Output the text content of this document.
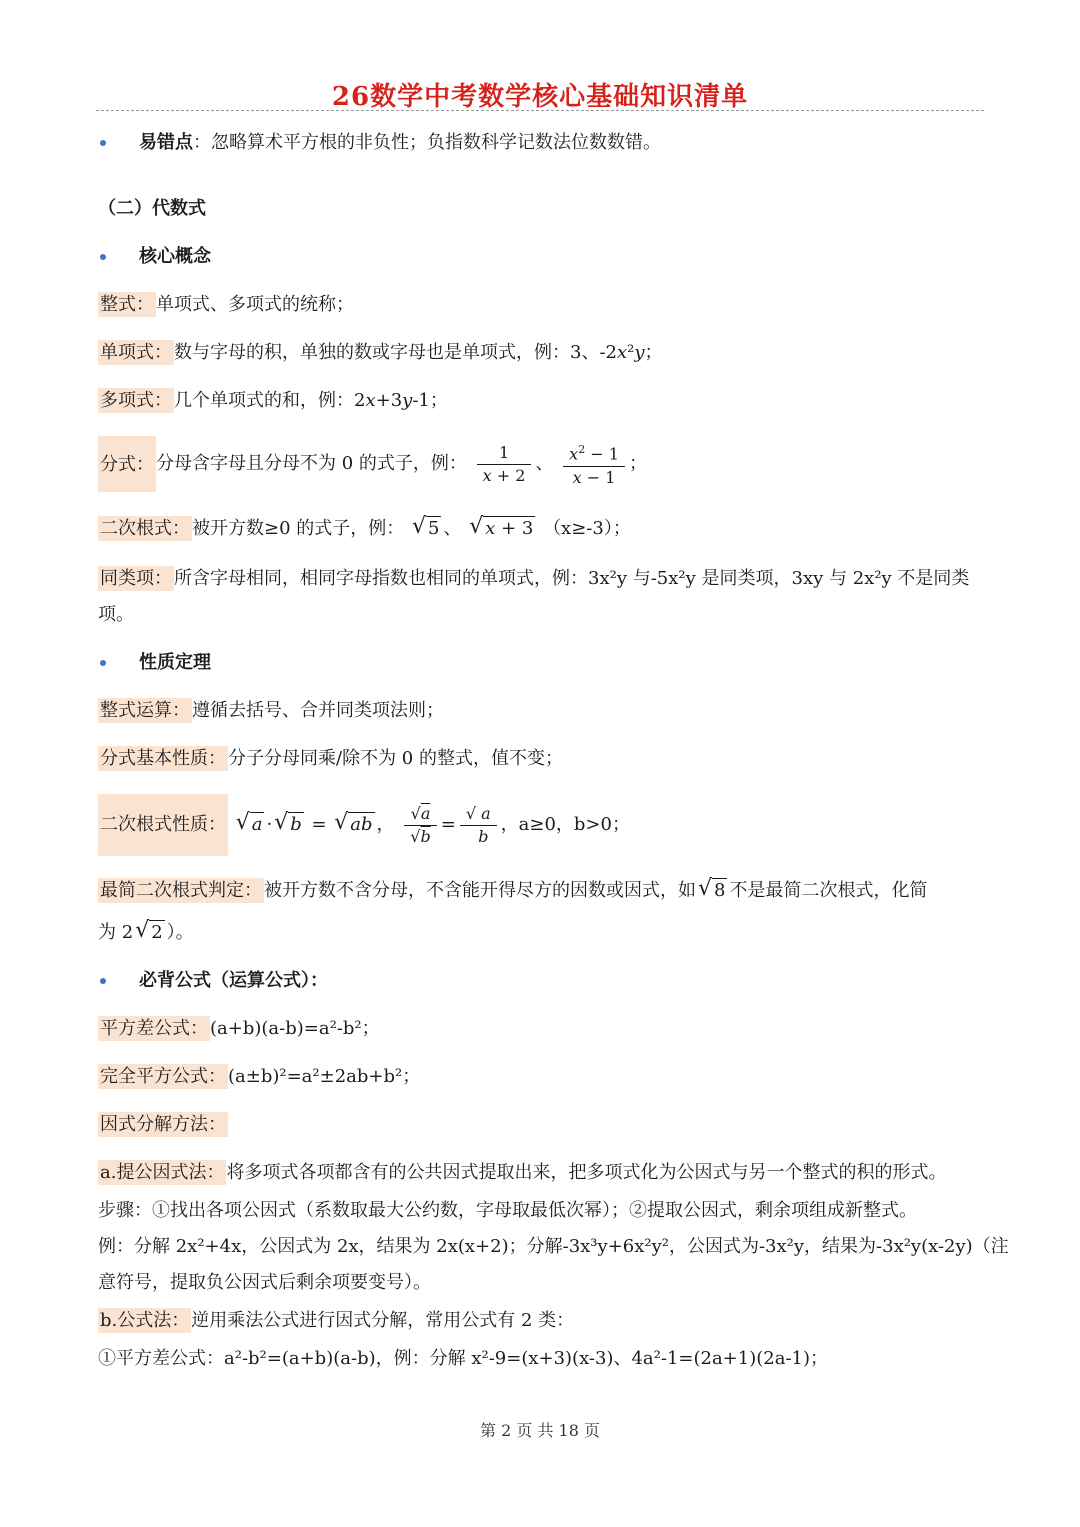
26数学中考数学核心基础知识清单
易错点：忽略算术平方根的非负性；负指数科学记数法位数数错。
（二）代数式
核心概念
整式： 单项式、多项式的统称；
单项式： 数与字母的积，单独的数或字母也是单项式，例：3、-2x²y；
多项式： 几个单项式的和，例：2x+3y-1；
分式： 分母含字母且分母不为 0 的式子，例： $\frac{1}{x + 2}$ 、 $\frac{x^2 - 1}{x - 1}$ ；
二次根式： 被开方数≥0 的式子，例： √ 5 、 √ x + 3 （x≥-3）；
同类项： 所含字母相同，相同字母指数也相同的单项式，例：3x²y 与-5x²y 是同类项，3xy 与 2x²y 不是同类
项。
性质定理
整式运算： 遵循去括号、合并同类项法则；
分式基本性质： 分子分母同乘/除不为 0 的整式，值不变；
二次根式性质： √ a · √ b = √ ab ， $\frac{√a}{√b} = \frac{√ a}{b}$ ，a≥0，b>0；
最简二次根式判定： 被开方数不含分母，不含能开得尽方的因数或因式，如 √ 8 不是最简二次根式，化简
为 2 √ 2 ）。
必背公式（运算公式）：
平方差公式： (a+b)(a-b)=a²-b²；
完全平方公式： (a±b)²=a²±2ab+b²；
因式分解方法：
a.提公因式法： 将多项式各项都含有的公共因式提取出来，把多项式化为公因式与另一个整式的积的形式。
步骤：①找出各项公因式（系数取最大公约数，字母取最低次幂）；②提取公因式，剩余项组成新整式。
例：分解 2x²+4x，公因式为 2x，结果为 2x(x+2)；分解-3x³y+6x²y²，公因式为-3x²y，结果为-3x²y(x-2y)（注
意符号，提取负公因式后剩余项要变号）。
b.公式法： 逆用乘法公式进行因式分解，常用公式有 2 类：
①平方差公式：a²-b²=(a+b)(a-b)，例：分解 x²-9=(x+3)(x-3)、4a²-1=(2a+1)(2a-1)；
第 2 页 共 18 页
